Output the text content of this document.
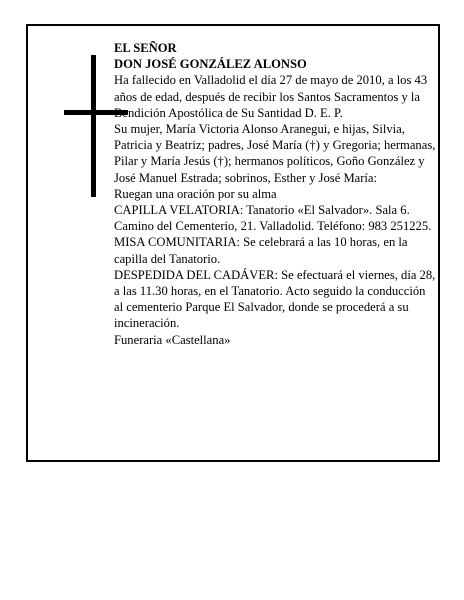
EL SEÑOR

DON JOSÉ GONZÁLEZ ALONSO

Ha fallecido en Valladolid el día 27 de mayo de 2010, a los 43 años de edad, después de recibir los Santos Sacramentos y la Bendición Apostólica de Su Santidad D. E. P.

Su mujer, María Victoria Alonso Aranegui, e hijas, Silvia, Patricia y Beatriz; padres, José María (†) y Gregoria; hermanas, Pilar y María Jesús (†); hermanos políticos, Goño González y José Manuel Estrada; sobrinos, Esther y José María:

Ruegan una oración por su alma

CAPILLA VELATORIA: Tanatorio «El Salvador». Sala 6. Camino del Cementerio, 21. Valladolid. Teléfono: 983 251225.

MISA COMUNITARIA: Se celebrará a las 10 horas, en la capilla del Tanatorio.

DESPEDIDA DEL CADÁVER: Se efectuará el viernes, día 28, a las 11.30 horas, en el Tanatorio. Acto seguido la conducción al cementerio Parque El Salvador, donde se procederá a su incineración.

Funeraria «Castellana»
